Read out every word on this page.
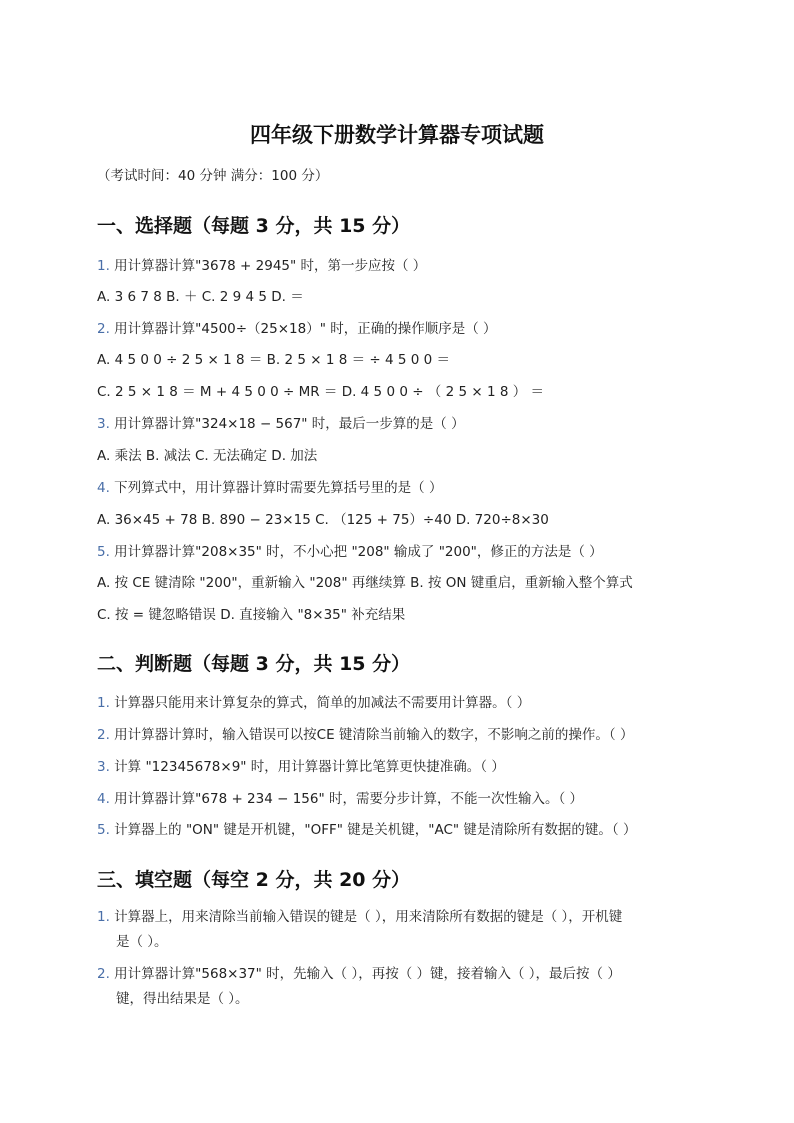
四年级下册数学计算器专项试题
（考试时间：40 分钟 满分：100 分）
一、选择题（每题 3 分，共 15 分）
1. 用计算器计算"3678 + 2945" 时，第一步应按（ ）
A. 3 6 7 8 B. ＋ C. 2 9 4 5 D. ＝
2. 用计算器计算"4500÷（25×18）" 时，正确的操作顺序是（ ）
A. 4 5 0 0 ÷ 2 5 × 1 8 ＝ B. 2 5 × 1 8 ＝ ÷ 4 5 0 0 ＝
C. 2 5 × 1 8 ＝ M + 4 5 0 0 ÷ MR ＝ D. 4 5 0 0 ÷ （ 2 5 × 1 8 ） ＝
3. 用计算器计算"324×18 − 567" 时，最后一步算的是（ ）
A. 乘法 B. 减法 C. 无法确定 D. 加法
4. 下列算式中，用计算器计算时需要先算括号里的是（ ）
A. 36×45 + 78 B. 890 − 23×15 C. （125 + 75）÷40 D. 720÷8×30
5. 用计算器计算"208×35" 时，不小心把 "208" 输成了 "200"，修正的方法是（ ）
A. 按 CE 键清除 "200"，重新输入 "208" 再继续算 B. 按 ON 键重启，重新输入整个算式
C. 按 = 键忽略错误 D. 直接输入 "8×35" 补充结果
二、判断题（每题 3 分，共 15 分）
1. 计算器只能用来计算复杂的算式，简单的加减法不需要用计算器。（ ）
2. 用计算器计算时，输入错误可以按CE 键清除当前输入的数字，不影响之前的操作。（ ）
3. 计算 "12345678×9" 时，用计算器计算比笔算更快捷准确。（ ）
4. 用计算器计算"678 + 234 − 156" 时，需要分步计算，不能一次性输入。（ ）
5. 计算器上的 "ON" 键是开机键，"OFF" 键是关机键，"AC" 键是清除所有数据的键。（ ）
三、填空题（每空 2 分，共 20 分）
1. 计算器上，用来清除当前输入错误的键是（ ），用来清除所有数据的键是（ ），开机键
是（ ）。
2. 用计算器计算"568×37" 时，先输入（ ），再按（ ）键，接着输入（ ），最后按（ ）
键，得出结果是（ ）。
